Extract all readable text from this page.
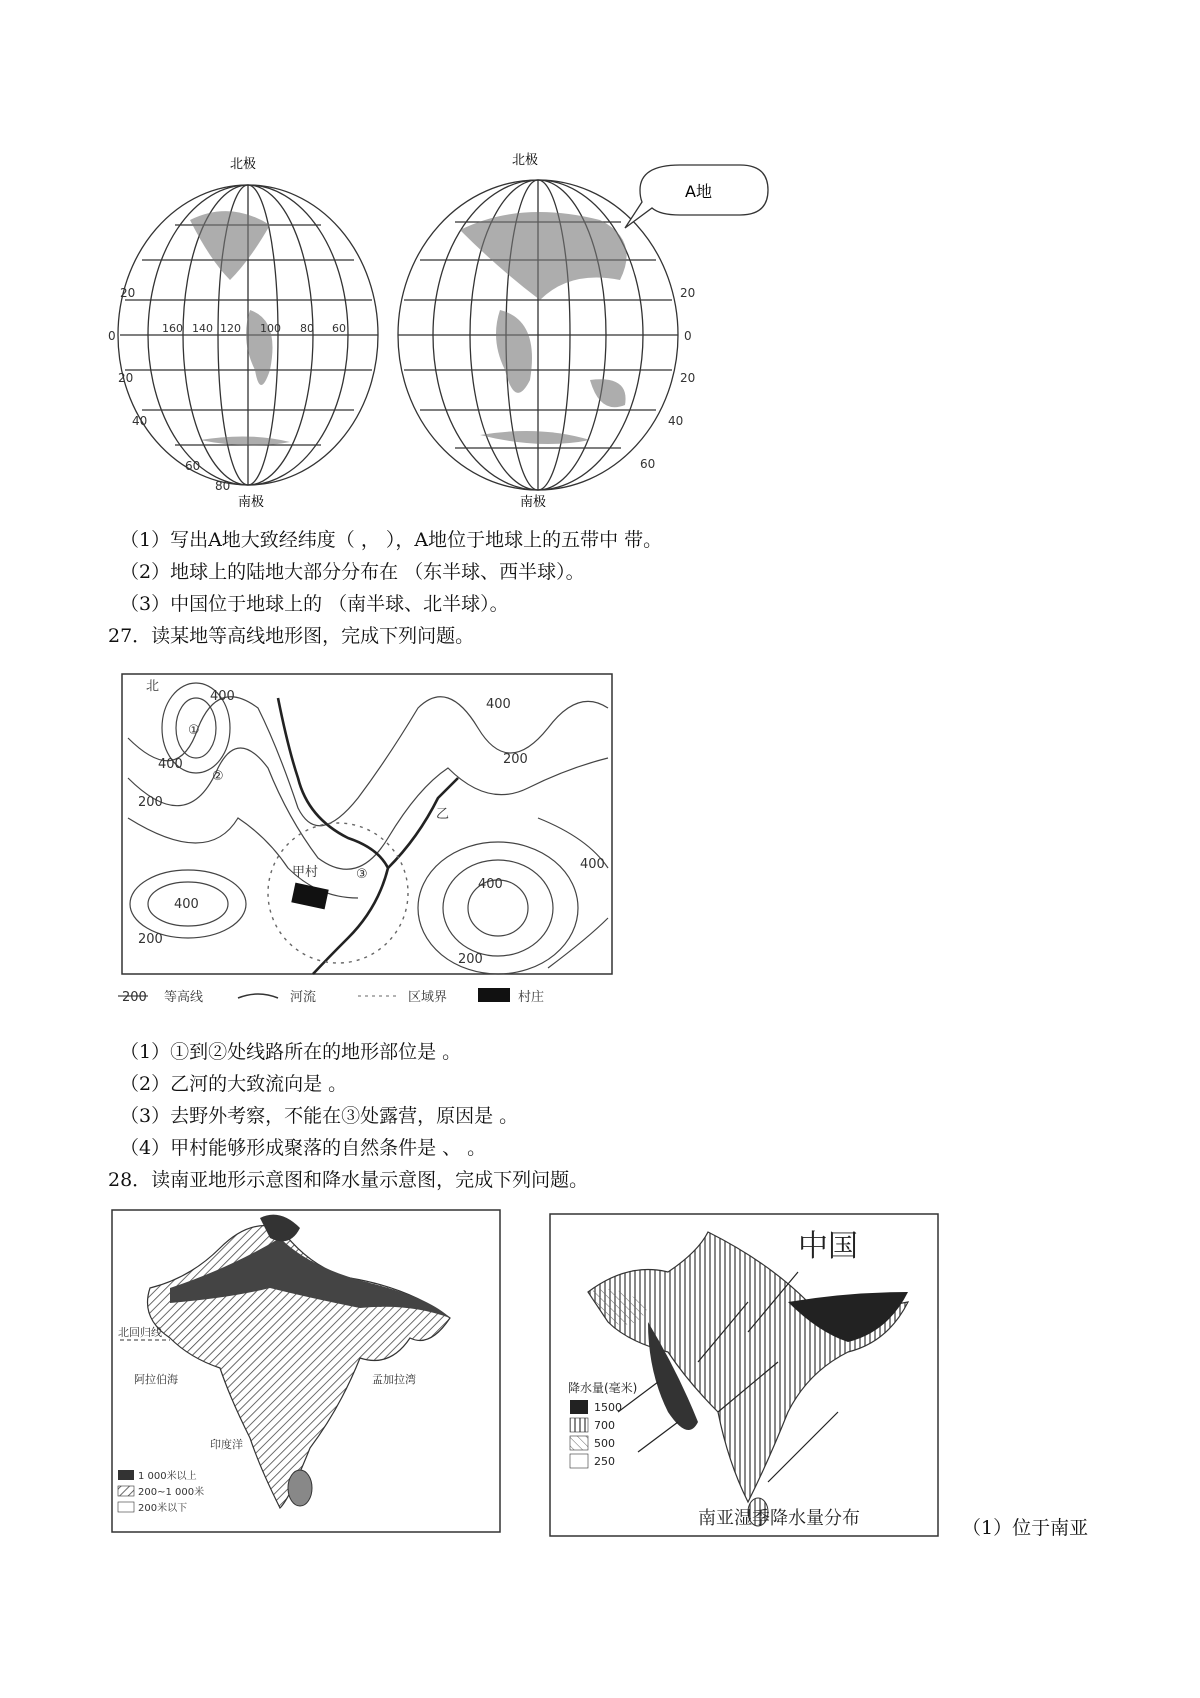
A地
北极	北极
南极	南极
20
0
20
40
60
80
160 140 120 100 80 60
20
0
20
40
60
（1）写出A地大致经纬度（ ， ），A地位于地球上的五带中 带。
（2）地球上的陆地大部分分布在 （东半球、西半球）。
（3）中国位于地球上的 （南半球、北半球）。
27．读某地等高线地形图，完成下列问题。
北
甲村
乙
③
①
②
400
400
200
400
200
400
400
200
400
200
200 等高线	河流	区域界	村庄
（1）①到②处线路所在的地形部位是 。
（2）乙河的大致流向是 。
（3）去野外考察，不能在③处露营，原因是 。
（4）甲村能够形成聚落的自然条件是 、 。
28．读南亚地形示意图和降水量示意图，完成下列问题。
北回归线
阿拉伯海	孟加拉湾
印度洋
1 000米以上
200~1 000米
200米以下
中国
降水量(毫米)
1500
700
500
250
南亚湿季降水量分布	（1）位于南亚
